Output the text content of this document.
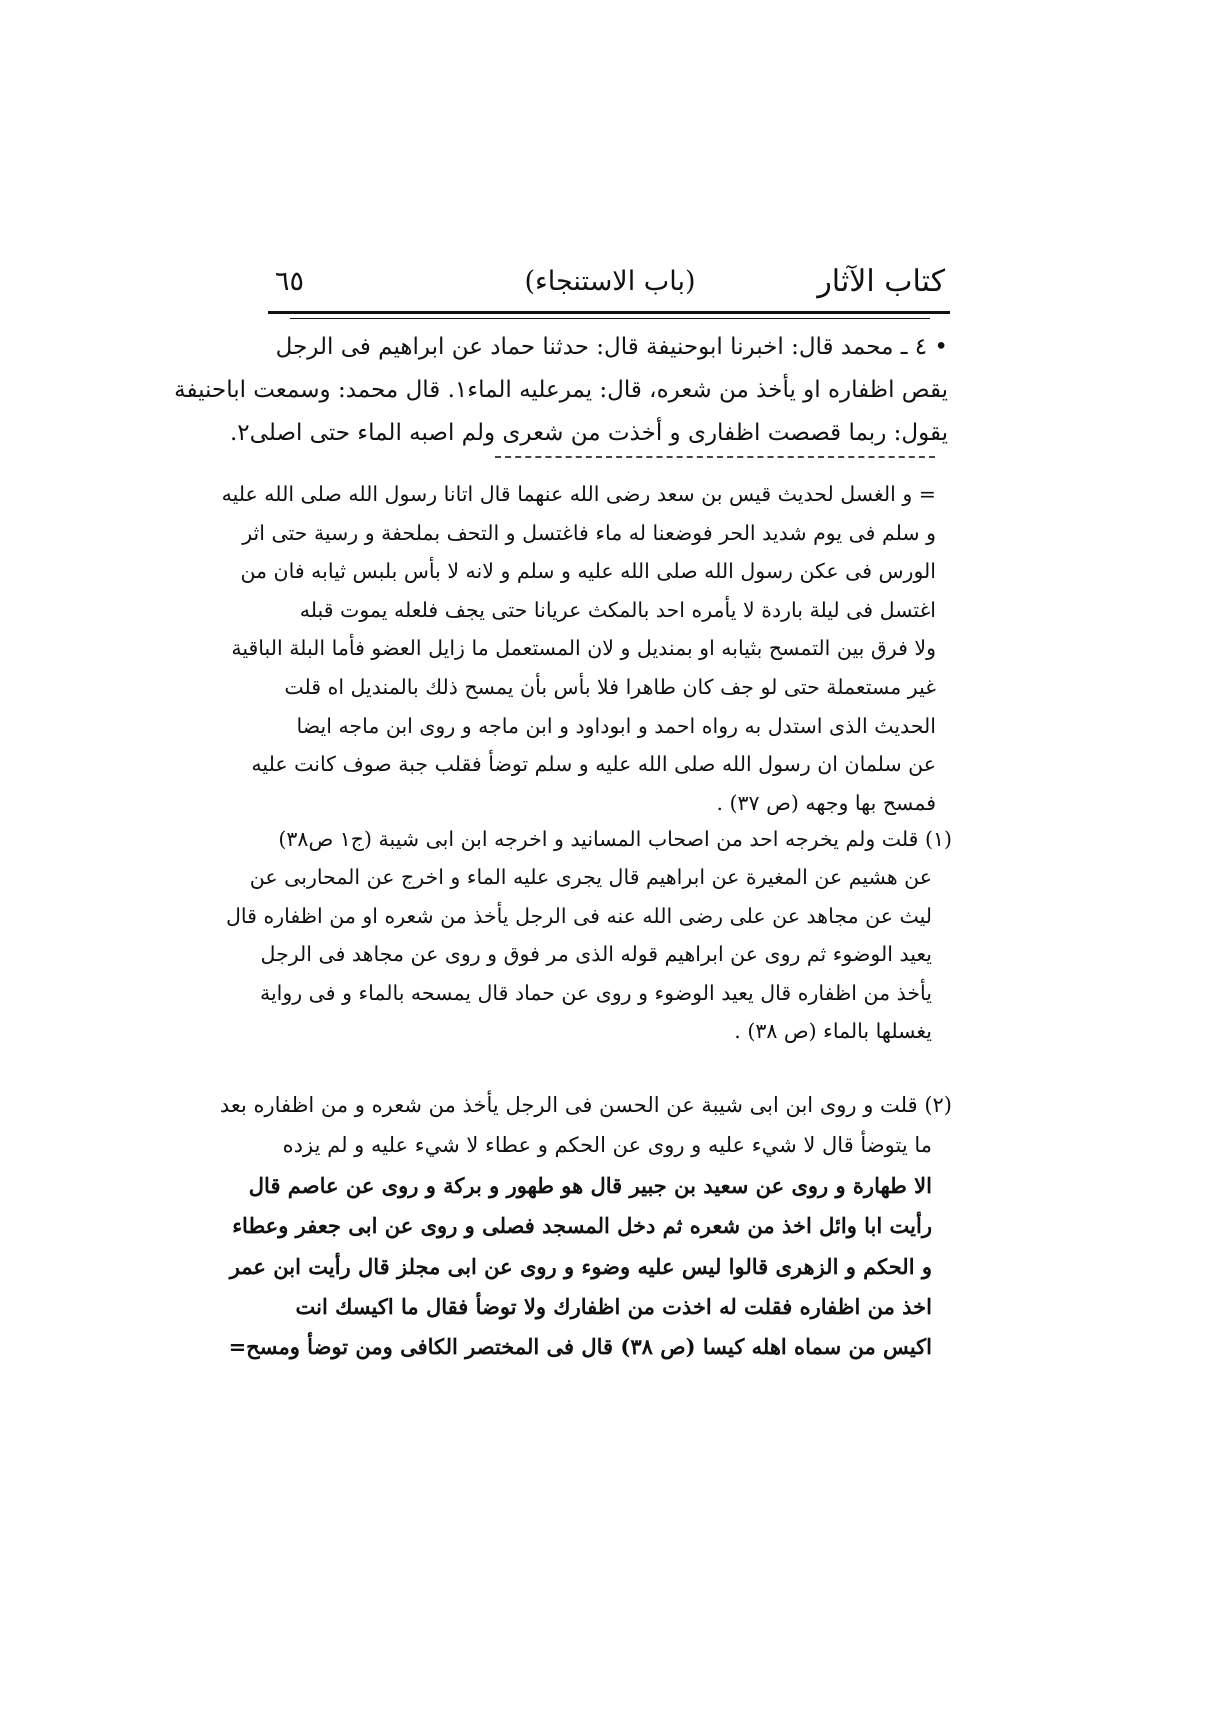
كتاب الآثار
(باب الاستنجاء)
٦٥
• ٤ ـ محمد قال: اخبرنا ابوحنيفة قال: حدثنا حماد عن ابراهيم فى الرجل
يقص اظفاره او يأخذ من شعره، قال: يمرعليه الماء١. قال محمد: وسمعت اباحنيفة
يقول: ربما قصصت اظفارى و أخذت من شعرى ولم اصبه الماء حتى اصلى٢.
= و الغسل لحديث قيس بن سعد رضى الله عنهما قال اتانا رسول الله صلى الله عليه
و سلم فى يوم شديد الحر فوضعنا له ماء فاغتسل و التحف بملحفة و رسية حتى اثر
الورس فى عكن رسول الله صلى الله عليه و سلم و لانه لا بأس بلبس ثيابه فان من
اغتسل فى ليلة باردة لا يأمره احد بالمكث عريانا حتى يجف فلعله يموت قبله
ولا فرق بين التمسح بثيابه او بمنديل و لان المستعمل ما زايل العضو فأما البلة الباقية
غير مستعملة حتى لو جف كان طاهرا فلا بأس بأن يمسح ذلك بالمنديل اه قلت
الحديث الذى استدل به رواه احمد و ابوداود و ابن ماجه و روى ابن ماجه ايضا
عن سلمان ان رسول الله صلى الله عليه و سلم توضأ فقلب جبة صوف كانت عليه
فمسح بها وجهه (ص ٣٧) .
(١) قلت ولم يخرجه احد من اصحاب المسانيد و اخرجه ابن ابى شيبة (ج١ ص٣٨)
عن هشيم عن المغيرة عن ابراهيم قال يجرى عليه الماء و اخرج عن المحاربى عن
ليث عن مجاهد عن على رضى الله عنه فى الرجل يأخذ من شعره او من اظفاره قال
يعيد الوضوء ثم روى عن ابراهيم قوله الذى مر فوق و روى عن مجاهد فى الرجل
يأخذ من اظفاره قال يعيد الوضوء و روى عن حماد قال يمسحه بالماء و فى رواية
يغسلها بالماء (ص ٣٨) .
(٢) قلت و روى ابن ابى شيبة عن الحسن فى الرجل يأخذ من شعره و من اظفاره بعد
ما يتوضأ قال لا شيء عليه و روى عن الحكم و عطاء لا شيء عليه و لم يزده
الا طهارة و روى عن سعيد بن جبير قال هو طهور و بركة و روى عن عاصم قال
رأيت ابا وائل اخذ من شعره ثم دخل المسجد فصلى و روى عن ابى جعفر وعطاء
و الحكم و الزهرى قالوا ليس عليه وضوء و روى عن ابى مجلز قال رأيت ابن عمر
اخذ من اظفاره فقلت له اخذت من اظفارك ولا توضأ فقال ما اكيسك انت
اكيس من سماه اهله كيسا (ص ٣٨) قال فى المختصر الكافى ومن توضأ ومسح=
